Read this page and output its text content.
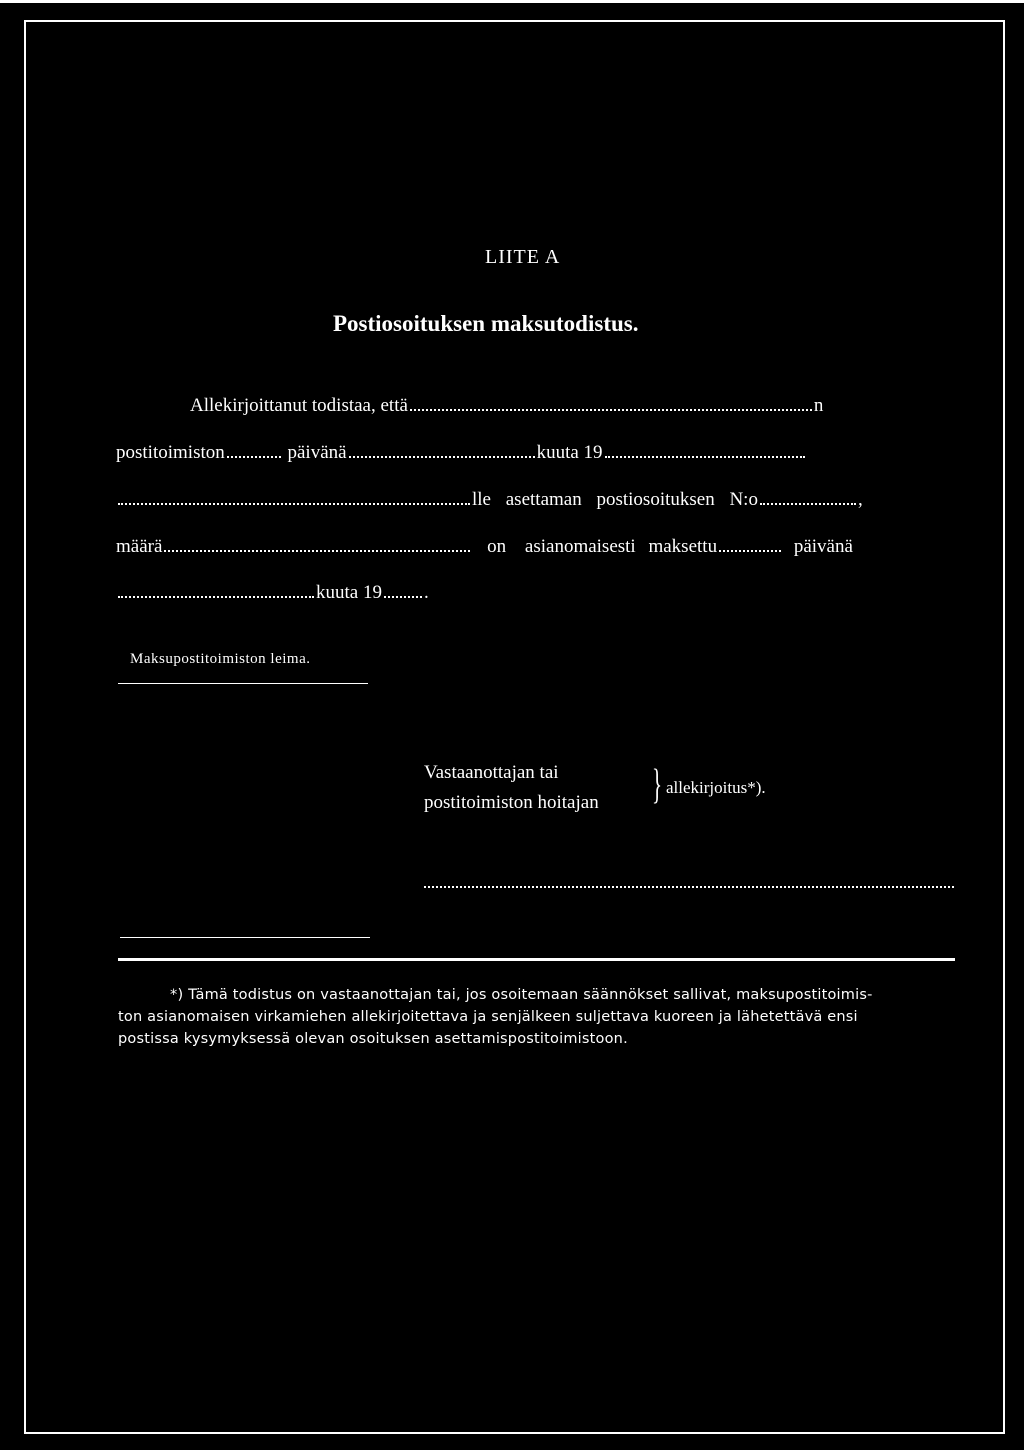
LIITE A
Postiosoituksen maksutodistus.
Allekirjoittanut todistaa, että	n
postitoimiston	päivänä	kuuta 19
lle asettaman postiosoituksen N:o	,
määrä	on asianomaisesti maksettu	päivänä
kuuta 19 .
Maksupostitoimiston leima.
Vastaanottajan tai
postitoimiston hoitajan } allekirjoitus*).

*) Tämä todistus on vastaanottajan tai, jos osoitemaan säännökset sallivat, maksupostitoimis-

ton asianomaisen virkamiehen allekirjoitettava ja senjälkeen suljettava kuoreen ja lähetettävä ensi

postissa kysymyksessä olevan osoituksen asettamispostitoimistoon.
